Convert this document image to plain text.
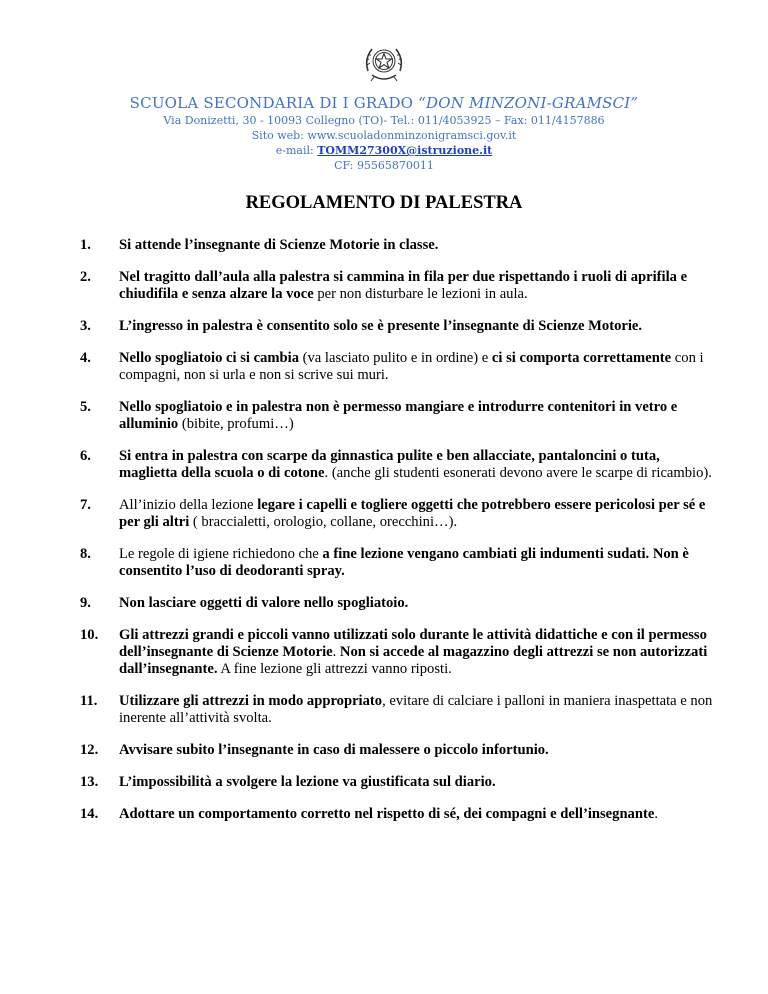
SCUOLA SECONDARIA DI I GRADO “DON MINZONI-GRAMSCI”
Via Donizetti, 30 - 10093 Collegno (TO)- Tel.: 011/4053925 – Fax: 011/4157886
Sito web: www.scuoladonminzonigramsci.gov.it
e-mail: TOMM27300X@istruzione.it
CF: 95565870011
REGOLAMENTO DI PALESTRA
1. Si attende l’insegnante di Scienze Motorie in classe.
2. Nel tragitto dall’aula alla palestra si cammina in fila per due rispettando i ruoli di aprifila e chiudifila e senza alzare la voce per non disturbare le lezioni in aula.
3. L’ingresso in palestra è consentito solo se è presente l’insegnante di Scienze Motorie.
4. Nello spogliatoio ci si cambia (va lasciato pulito e in ordine) e ci si comporta correttamente con i compagni, non si urla e non si scrive sui muri.
5. Nello spogliatoio e in palestra non è permesso mangiare e introdurre contenitori in vetro e alluminio (bibite, profumi…)
6. Si entra in palestra con scarpe da ginnastica pulite e ben allacciate, pantaloncini o tuta, maglietta della scuola o di cotone. (anche gli studenti esonerati devono avere le scarpe di ricambio).
7. All’inizio della lezione legare i capelli e togliere oggetti che potrebbero essere pericolosi per sé e per gli altri ( braccialetti, orologio, collane, orecchini…).
8. Le regole di igiene richiedono che a fine lezione vengano cambiati gli indumenti sudati. Non è consentito l’uso di deodoranti spray.
9. Non lasciare oggetti di valore nello spogliatoio.
10. Gli attrezzi grandi e piccoli vanno utilizzati solo durante le attività didattiche e con il permesso dell’insegnante di Scienze Motorie. Non si accede al magazzino degli attrezzi se non autorizzati dall’insegnante. A fine lezione gli attrezzi vanno riposti.
11. Utilizzare gli attrezzi in modo appropriato, evitare di calciare i palloni in maniera inaspettata e non inerente all’attività svolta.
12. Avvisare subito l’insegnante in caso di malessere o piccolo infortunio.
13. L’impossibilità a svolgere la lezione va giustificata sul diario.
14. Adottare un comportamento corretto nel rispetto di sé, dei compagni e dell’insegnante.
